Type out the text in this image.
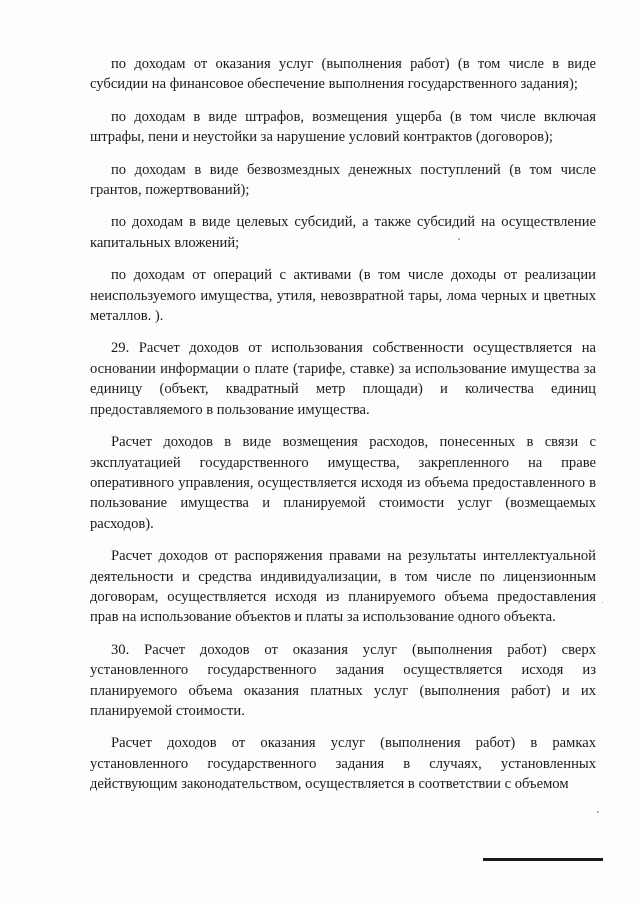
по доходам от оказания услуг (выполнения работ) (в том числе в виде субсидии на финансовое обеспечение выполнения государственного задания);

по доходам в виде штрафов, возмещения ущерба (в том числе включая штрафы, пени и неустойки за нарушение условий контрактов (договоров);

по доходам в виде безвозмездных денежных поступлений (в том числе грантов, пожертвований);

по доходам в виде целевых субсидий, а также субсидий на осуществление капитальных вложений;

по доходам от операций с активами (в том числе доходы от реализации неиспользуемого имущества, утиля, невозвратной тары, лома черных и цветных металлов. ).

29. Расчет доходов от использования собственности осуществляется на основании информации о плате (тарифе, ставке) за использование имущества за единицу (объект, квадратный метр площади) и количества единиц предоставляемого в пользование имущества.

Расчет доходов в виде возмещения расходов, понесенных в связи с эксплуатацией государственного имущества, закрепленного на праве оперативного управления, осуществляется исходя из объема предоставленного в пользование имущества и планируемой стоимости услуг (возмещаемых расходов).

Расчет доходов от распоряжения правами на результаты интеллектуальной деятельности и средства индивидуализации, в том числе по лицензионным договорам, осуществляется исходя из планируемого объема предоставления прав на использование объектов и платы за использование одного объекта.

30. Расчет доходов от оказания услуг (выполнения работ) сверх установленного государственного задания осуществляется исходя из планируемого объема оказания платных услуг (выполнения работ) и их планируемой стоимости.

Расчет доходов от оказания услуг (выполнения работ) в рамках установленного государственного задания в случаях, установленных действующим законодательством, осуществляется в соответствии с объемом
